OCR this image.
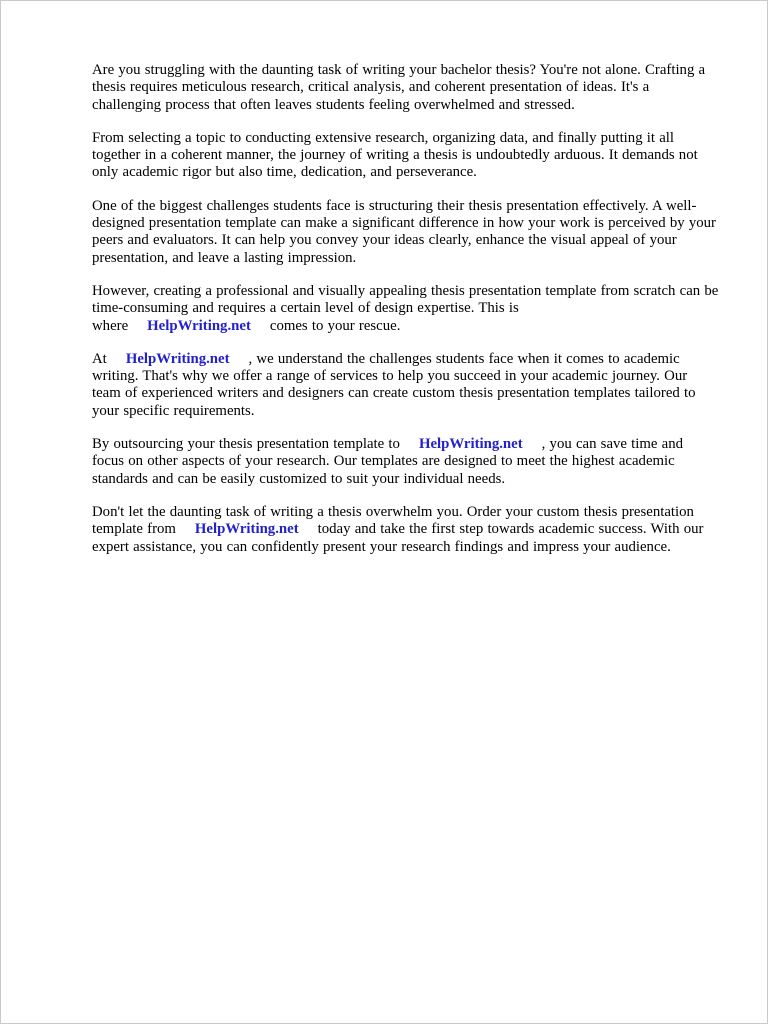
Are you struggling with the daunting task of writing your bachelor thesis? You're not alone. Crafting a thesis requires meticulous research, critical analysis, and coherent presentation of ideas. It's a challenging process that often leaves students feeling overwhelmed and stressed.

From selecting a topic to conducting extensive research, organizing data, and finally putting it all together in a coherent manner, the journey of writing a thesis is undoubtedly arduous. It demands not only academic rigor but also time, dedication, and perseverance.

One of the biggest challenges students face is structuring their thesis presentation effectively. A well-designed presentation template can make a significant difference in how your work is perceived by your peers and evaluators. It can help you convey your ideas clearly, enhance the visual appeal of your presentation, and leave a lasting impression.

However, creating a professional and visually appealing thesis presentation template from scratch can be time-consuming and requires a certain level of design expertise. This is where HelpWriting.net comes to your rescue.

At HelpWriting.net , we understand the challenges students face when it comes to academic writing. That's why we offer a range of services to help you succeed in your academic journey. Our team of experienced writers and designers can create custom thesis presentation templates tailored to your specific requirements.

By outsourcing your thesis presentation template to HelpWriting.net , you can save time and focus on other aspects of your research. Our templates are designed to meet the highest academic standards and can be easily customized to suit your individual needs.

Don't let the daunting task of writing a thesis overwhelm you. Order your custom thesis presentation template from HelpWriting.net today and take the first step towards academic success. With our expert assistance, you can confidently present your research findings and impress your audience.
